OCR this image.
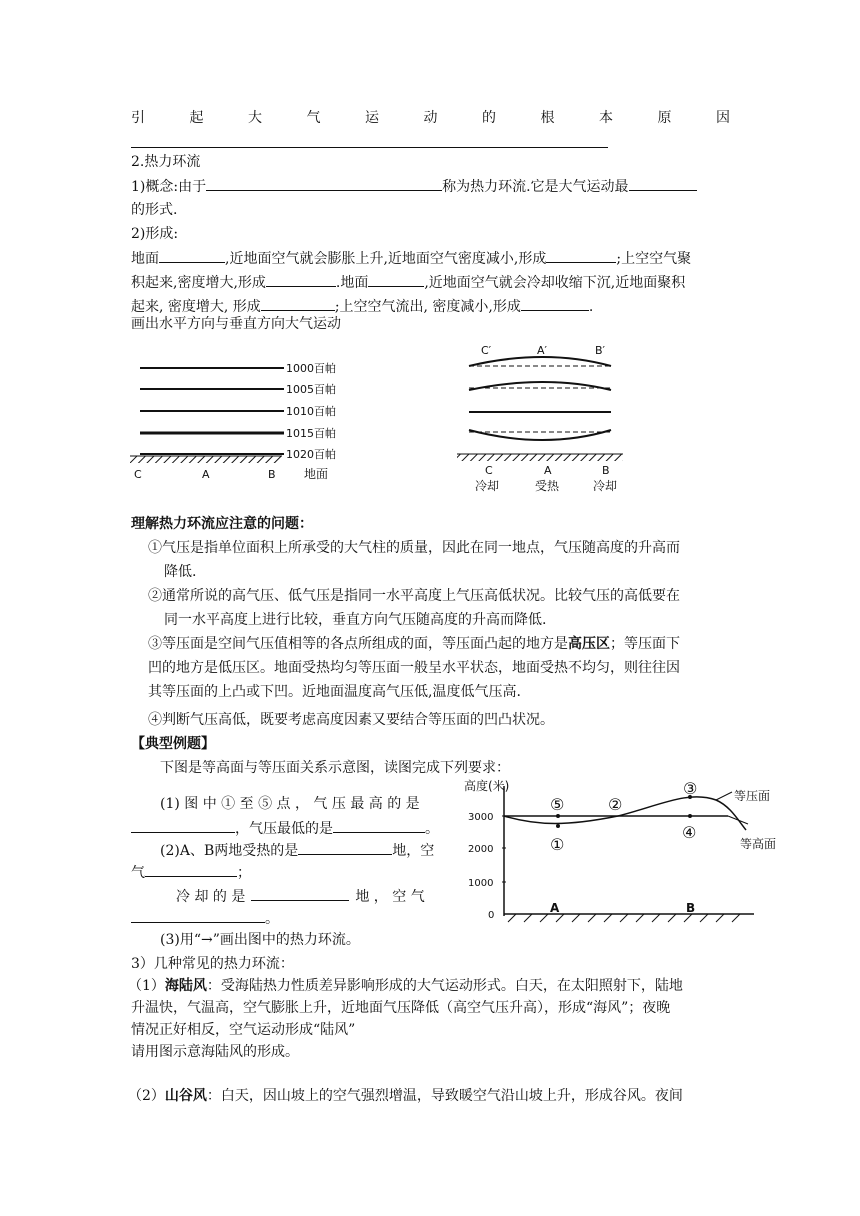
引	起	大	气	运	动	的	根	本	原	因
2.热力环流
1)概念:由于	称为热力环流.它是大气运动最
的形式.
2)形成:
地面	,近地面空气就会膨胀上升,近地面空气密度减小,形成	;上空空气聚
积起来,密度增大,形成	.地面	,近地面空气就会冷却收缩下沉,近地面聚积
起来, 密度增大, 形成	;上空空气流出, 密度减小,形成	.
画出水平方向与垂直方向大气运动
1000百帕
1005百帕
1010百帕
1015百帕
1020百帕
C	A	B 地面
C′	A′	B′
C	A	B
冷却	受热	冷却
理解热力环流应注意的问题：
①气压是指单位面积上所承受的大气柱的质量，因此在同一地点，气压随高度的升高而
降低.
②通常所说的高气压、低气压是指同一水平高度上气压高低状况。比较气压的高低要在
同一水平高度上进行比较，垂直方向气压随高度的升高而降低.
③等压面是空间气压值相等的各点所组成的面，等压面凸起的地方是高压区；等压面下
凹的地方是低压区。地面受热均匀等压面一般呈水平状态，地面受热不均匀，则往往因
其等压面的上凸或下凹。近地面温度高气压低,温度低气压高.
④判断气压高低，既要考虑高度因素又要结合等压面的凹凸状况。
【典型例题】
下图是等高面与等压面关系示意图，读图完成下列要求：
(1) 图 中 ① 至 ⑤ 点 ， 气 压 最 高 的 是
，气压最低的是	。
(2)A、B两地受热的是	地，空
气	；
冷 却 的 是	地 ， 空 气
。
(3)用“→”画出图中的热力环流。
高度(米)
3000
2000
1000
0
①
②
③
④
⑤	等压面
等高面
A	B
3）几种常见的热力环流：
（1）海陆风：受海陆热力性质差异影响形成的大气运动形式。白天，在太阳照射下，陆地
升温快，气温高，空气膨胀上升，近地面气压降低（高空气压升高），形成“海风”；夜晚
情况正好相反，空气运动形成“陆风”
请用图示意海陆风的形成。
（2）山谷风：白天，因山坡上的空气强烈增温，导致暖空气沿山坡上升，形成谷风。夜间
